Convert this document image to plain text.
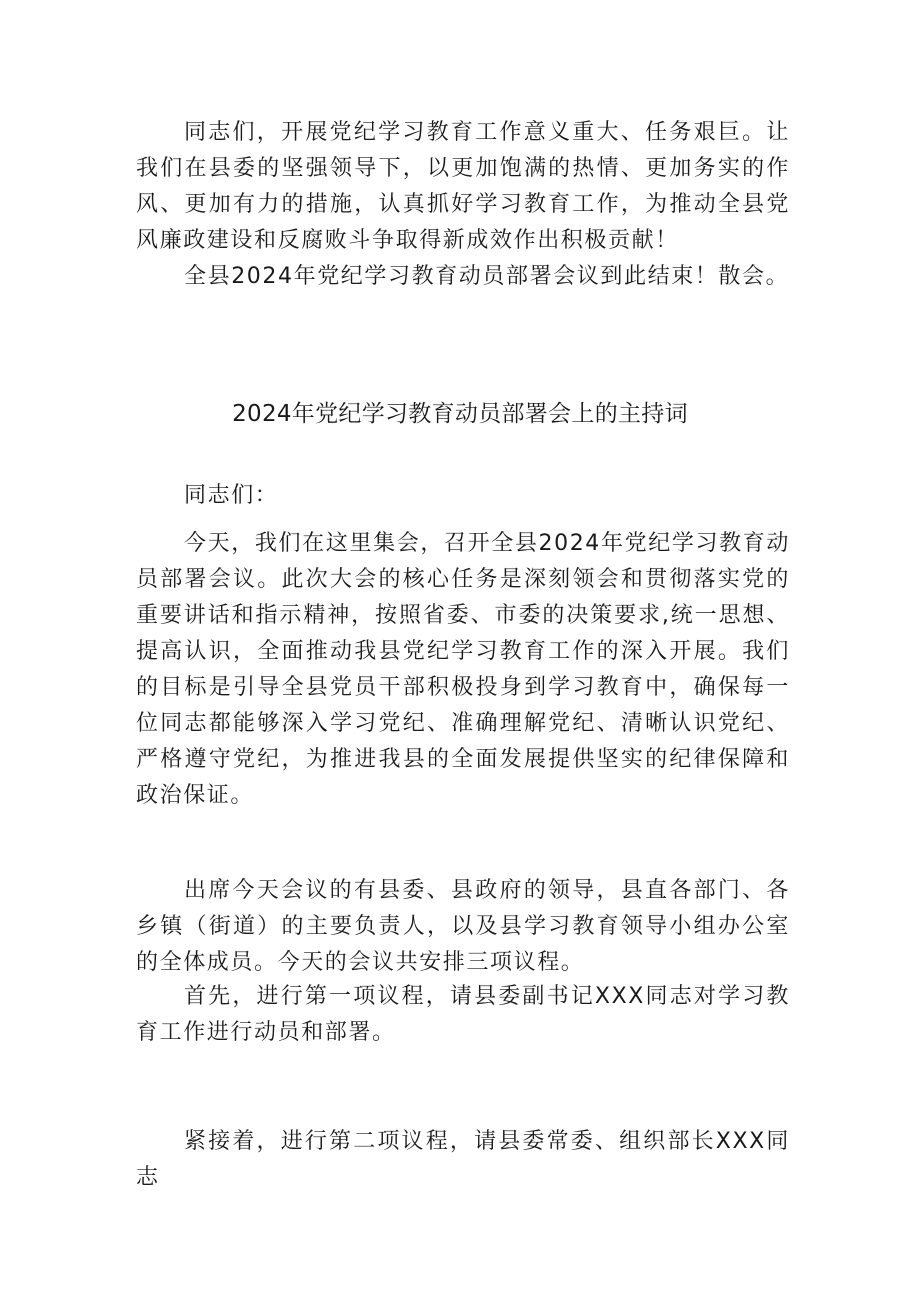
同志们，开展党纪学习教育工作意义重大、任务艰巨。让我们在县委的坚强领导下，以更加饱满的热情、更加务实的作风、更加有力的措施，认真抓好学习教育工作，为推动全县党风廉政建设和反腐败斗争取得新成效作出积极贡献！

全县2024年党纪学习教育动员部署会议到此结束！散会。

2024年党纪学习教育动员部署会上的主持词

同志们：

今天，我们在这里集会，召开全县2024年党纪学习教育动员部署会议。此次大会的核心任务是深刻领会和贯彻落实党的重要讲话和指示精神，按照省委、市委的决策要求,统一思想、提高认识，全面推动我县党纪学习教育工作的深入开展。我们的目标是引导全县党员干部积极投身到学习教育中，确保每一位同志都能够深入学习党纪、准确理解党纪、清晰认识党纪、严格遵守党纪，为推进我县的全面发展提供坚实的纪律保障和政治保证。

出席今天会议的有县委、县政府的领导，县直各部门、各乡镇（街道）的主要负责人，以及县学习教育领导小组办公室的全体成员。今天的会议共安排三项议程。

首先，进行第一项议程，请县委副书记XXX同志对学习教育工作进行动员和部署。

紧接着，进行第二项议程，请县委常委、组织部长XXX同志
